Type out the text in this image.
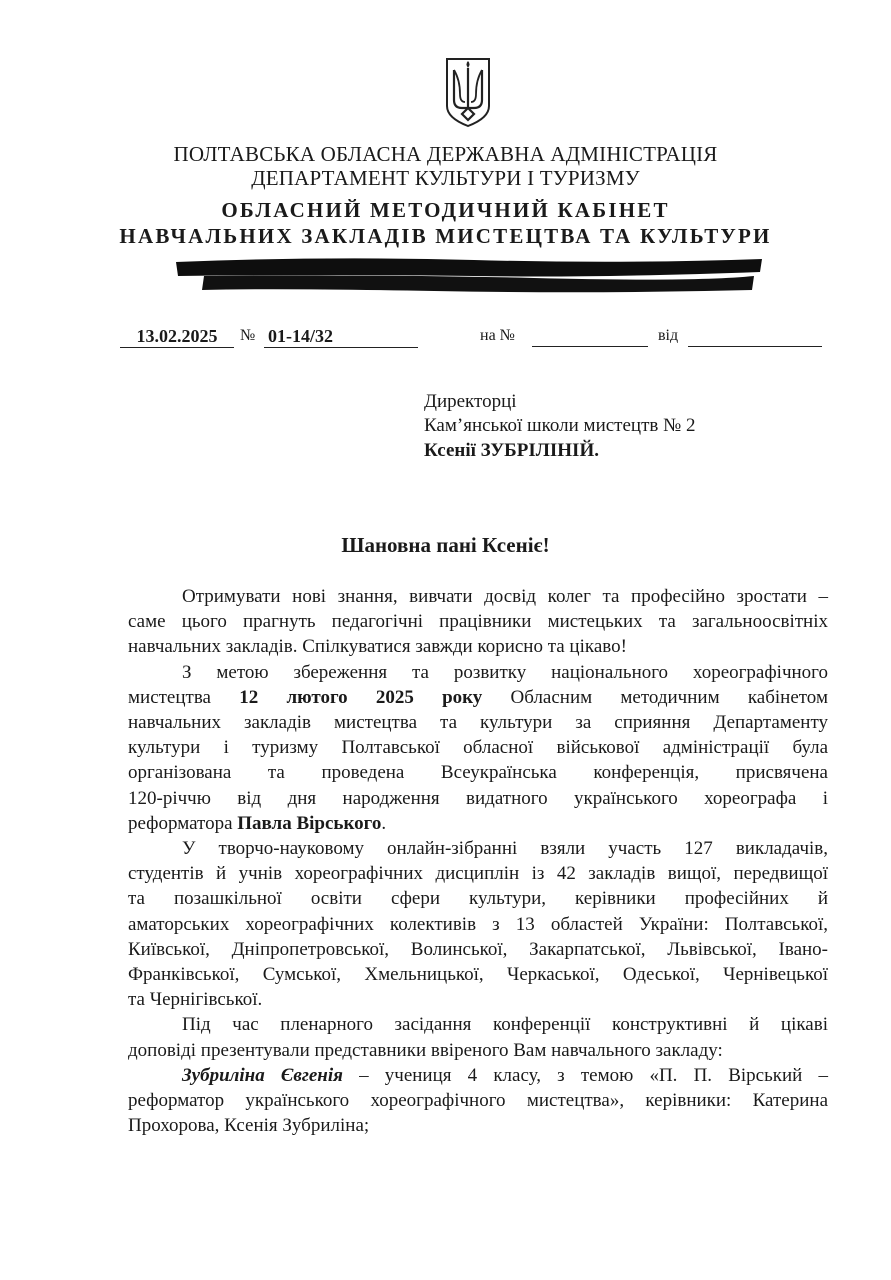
ПОЛТАВСЬКА ОБЛАСНА ДЕРЖАВНА АДМІНІСТРАЦІЯ
ДЕПАРТАМЕНТ КУЛЬТУРИ І ТУРИЗМУ
ОБЛАСНИЙ МЕТОДИЧНИЙ КАБІНЕТ
НАВЧАЛЬНИХ ЗАКЛАДІВ МИСТЕЦТВА ТА КУЛЬТУРИ
13.02.2025	№ 01-14/32	на №	від
Директорці
Кам’янської школи мистецтв № 2
Ксенії ЗУБРІЛІНІЙ.
Шановна пані Ксеніє!
Отримувати нові знання, вивчати досвід колег та професійно зростати –
саме цього прагнуть педагогічні працівники мистецьких та загальноосвітніх
навчальних закладів. Спілкуватися завжди корисно та цікаво!
З метою збереження та розвитку національного хореографічного
мистецтва 12 лютого 2025 року Обласним методичним кабінетом
навчальних закладів мистецтва та культури за сприяння Департаменту
культури і туризму Полтавської обласної військової адміністрації була
організована та проведена Всеукраїнська конференція, присвячена
120-річчю від дня народження видатного українського хореографа і
реформатора Павла Вірського.
У творчо-науковому онлайн-зібранні взяли участь 127 викладачів,
студентів й учнів хореографічних дисциплін із 42 закладів вищої, передвищої
та позашкільної освіти сфери культури, керівники професійних й
аматорських хореографічних колективів з 13 областей України: Полтавської,
Київської, Дніпропетровської, Волинської, Закарпатської, Львівської, Івано-
Франківської, Сумської, Хмельницької, Черкаської, Одеської, Чернівецької
та Чернігівської.
Під час пленарного засідання конференції конструктивні й цікаві
доповіді презентували представники ввіреного Вам навчального закладу:
Зубриліна Євгенія – учениця 4 класу, з темою «П. П. Вірський –
реформатор українського хореографічного мистецтва», керівники: Катерина
Прохорова, Ксенія Зубриліна;
